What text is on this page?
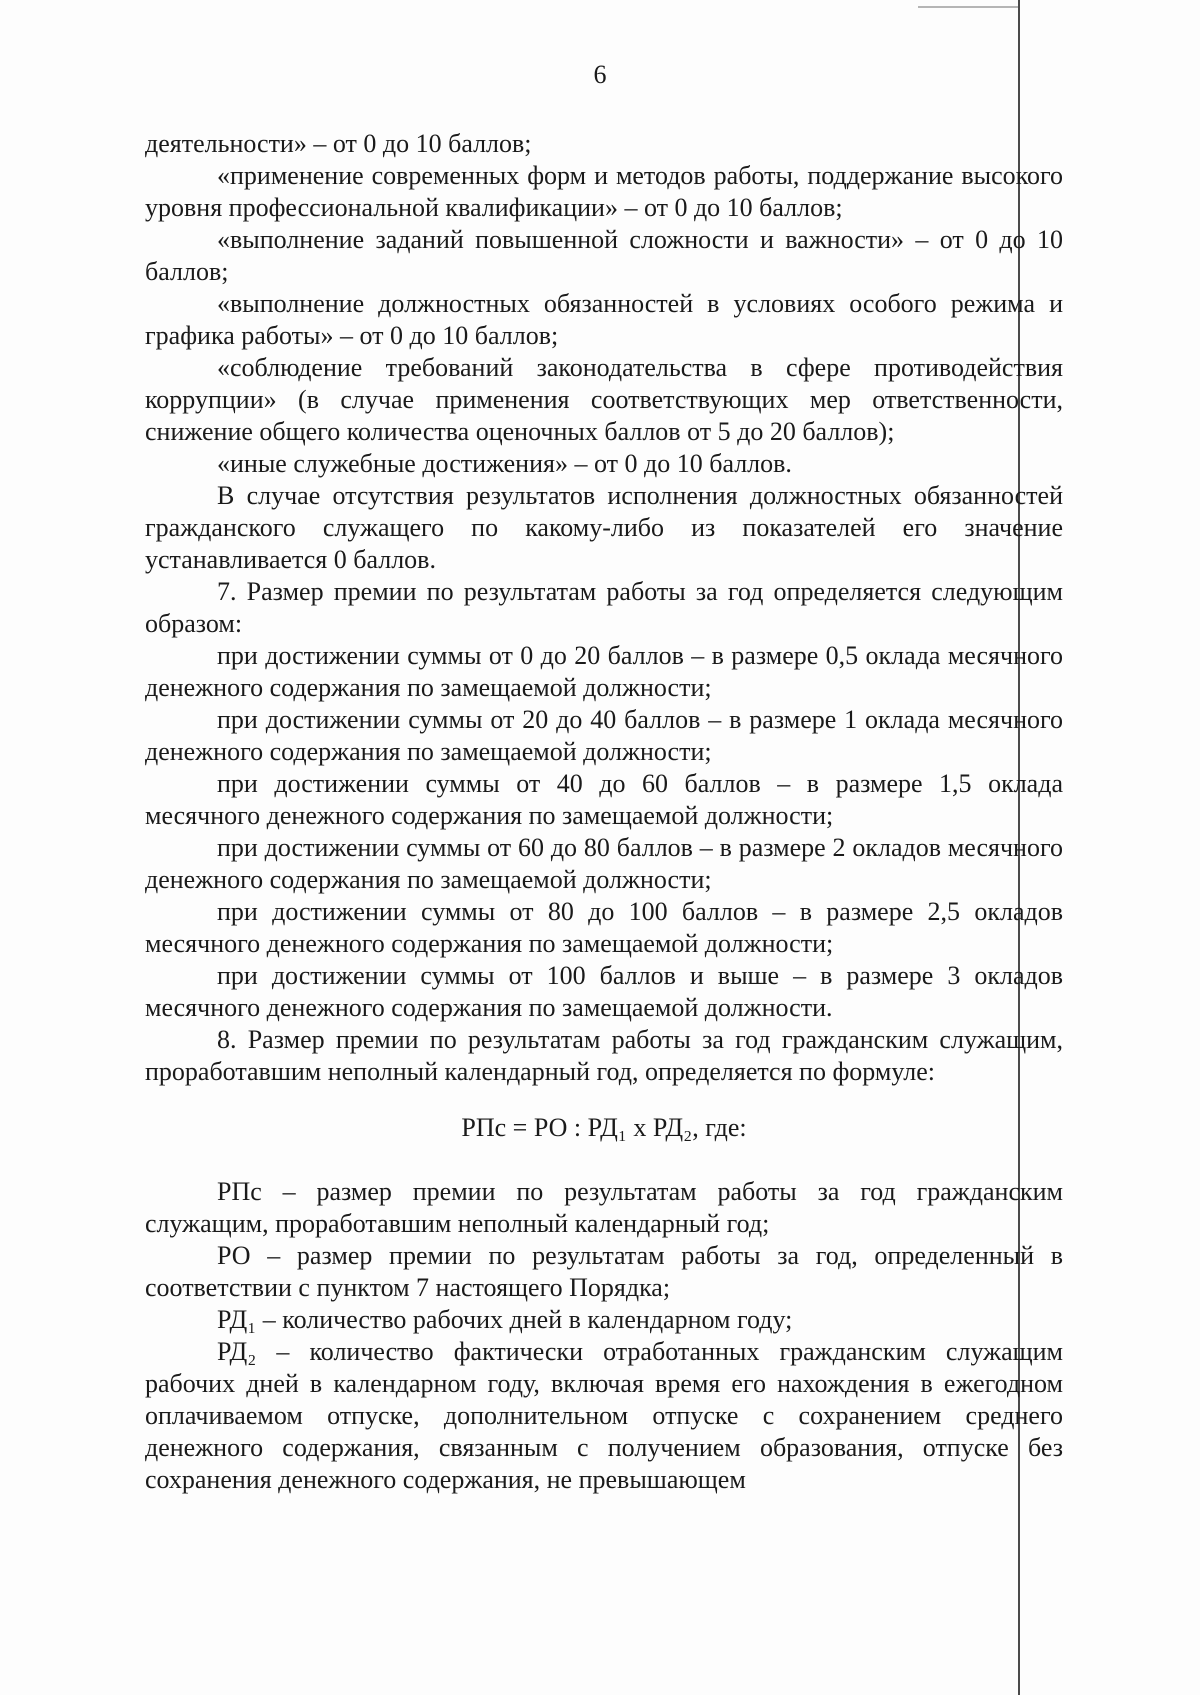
6

деятельности» – от 0 до 10 баллов;

«применение современных форм и методов работы, поддержание высокого уровня профессиональной квалификации» – от 0 до 10 баллов;

«выполнение заданий повышенной сложности и важности» – от 0 до 10 баллов;

«выполнение должностных обязанностей в условиях особого режима и графика работы» – от 0 до 10 баллов;

«соблюдение требований законодательства в сфере противодействия коррупции» (в случае применения соответствующих мер ответственности, снижение общего количества оценочных баллов от 5 до 20 баллов);

«иные служебные достижения» – от 0 до 10 баллов.

В случае отсутствия результатов исполнения должностных обязанностей гражданского служащего по какому-либо из показателей его значение устанавливается 0 баллов.

7. Размер премии по результатам работы за год определяется следующим образом:

при достижении суммы от 0 до 20 баллов – в размере 0,5 оклада месячного денежного содержания по замещаемой должности;

при достижении суммы от 20 до 40 баллов – в размере 1 оклада месячного денежного содержания по замещаемой должности;

при достижении суммы от 40 до 60 баллов – в размере 1,5 оклада месячного денежного содержания по замещаемой должности;

при достижении суммы от 60 до 80 баллов – в размере 2 окладов месячного денежного содержания по замещаемой должности;

при достижении суммы от 80 до 100 баллов – в размере 2,5 окладов месячного денежного содержания по замещаемой должности;

при достижении суммы от 100 баллов и выше – в размере 3 окладов месячного денежного содержания по замещаемой должности.

8. Размер премии по результатам работы за год гражданским служащим, проработавшим неполный календарный год, определяется по формуле:

РПс = РО : РД₁ х РД₂, где:

РПс – размер премии по результатам работы за год гражданским служащим, проработавшим неполный календарный год;

РО – размер премии по результатам работы за год, определенный в соответствии с пунктом 7 настоящего Порядка;

РД₁ – количество рабочих дней в календарном году;

РД₂ – количество фактически отработанных гражданским служащим рабочих дней в календарном году, включая время его нахождения в ежегодном оплачиваемом отпуске, дополнительном отпуске с сохранением среднего денежного содержания, связанным с получением образования, отпуске без сохранения денежного содержания, не превышающем
